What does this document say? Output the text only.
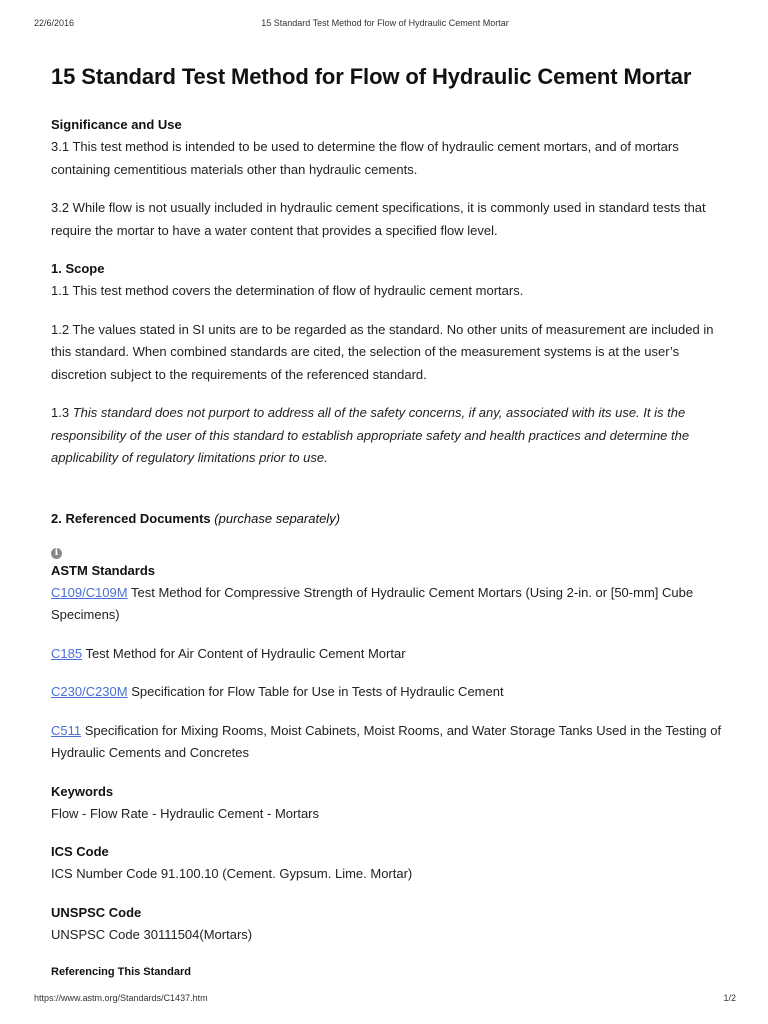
22/6/2016	15 Standard Test Method for Flow of Hydraulic Cement Mortar
15 Standard Test Method for Flow of Hydraulic Cement Mortar

Significance and Use

3.1 This test method is intended to be used to determine the flow of hydraulic cement mortars, and of mortars containing cementitious materials other than hydraulic cements.

3.2 While flow is not usually included in hydraulic cement specifications, it is commonly used in standard tests that require the mortar to have a water content that provides a specified flow level.

1. Scope

1.1 This test method covers the determination of flow of hydraulic cement mortars.

1.2 The values stated in SI units are to be regarded as the standard. No other units of measurement are included in this standard. When combined standards are cited, the selection of the measurement systems is at the user’s discretion subject to the requirements of the referenced standard.

1.3 This standard does not purport to address all of the safety concerns, if any, associated with its use. It is the responsibility of the user of this standard to establish appropriate safety and health practices and determine the applicability of regulatory limitations prior to use.

2. Referenced Documents (purchase separately)

i

ASTM Standards

C109/C109M Test Method for Compressive Strength of Hydraulic Cement Mortars (Using 2-in. or [50-mm] Cube Specimens)

C185 Test Method for Air Content of Hydraulic Cement Mortar

C230/C230M Specification for Flow Table for Use in Tests of Hydraulic Cement

C511 Specification for Mixing Rooms, Moist Cabinets, Moist Rooms, and Water Storage Tanks Used in the Testing of Hydraulic Cements and Concretes

Keywords

Flow - Flow Rate - Hydraulic Cement - Mortars

ICS Code

ICS Number Code 91.100.10 (Cement. Gypsum. Lime. Mortar)

UNSPSC Code

UNSPSC Code 30111504(Mortars)

Referencing This Standard

https://www.astm.org/Standards/C1437.htm	1/2
